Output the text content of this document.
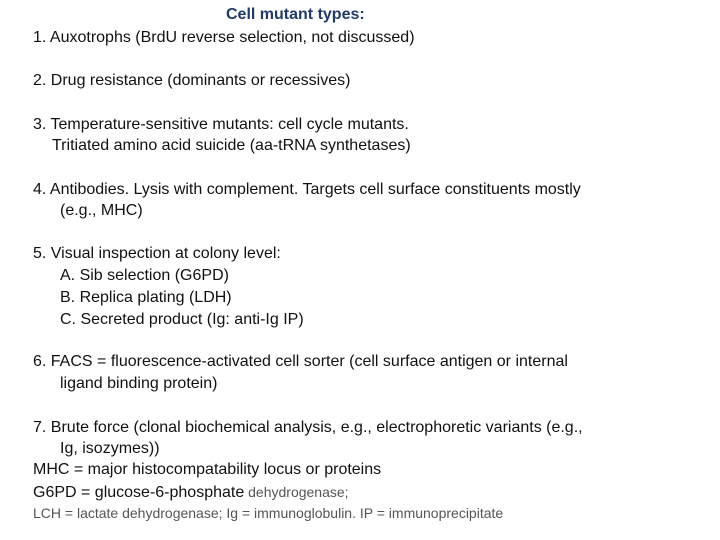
Cell mutant types:
1. Auxotrophs (BrdU reverse selection, not discussed)
2. Drug resistance (dominants or recessives)
3. Temperature‑sensitive mutants: cell cycle mutants.
Tritiated amino acid suicide (aa‑tRNA synthetases)
4. Antibodies. Lysis with complement. Targets cell surface constituents mostly
(e.g., MHC)
5. Visual inspection at colony level:
A. Sib selection (G6PD)
B. Replica plating (LDH)
C. Secreted product (Ig: anti-Ig IP)
6. FACS = fluorescence‑activated cell sorter (cell surface antigen or internal
ligand binding protein)
7. Brute force (clonal biochemical analysis, e.g., electrophoretic variants (e.g.,
Ig, isozymes))
MHC = major histocompatability locus or proteins
G6PD = glucose-6-phosphate dehydrogenase;
LCH = lactate dehydrogenase; Ig = immunoglobulin. IP = immunoprecipitate
